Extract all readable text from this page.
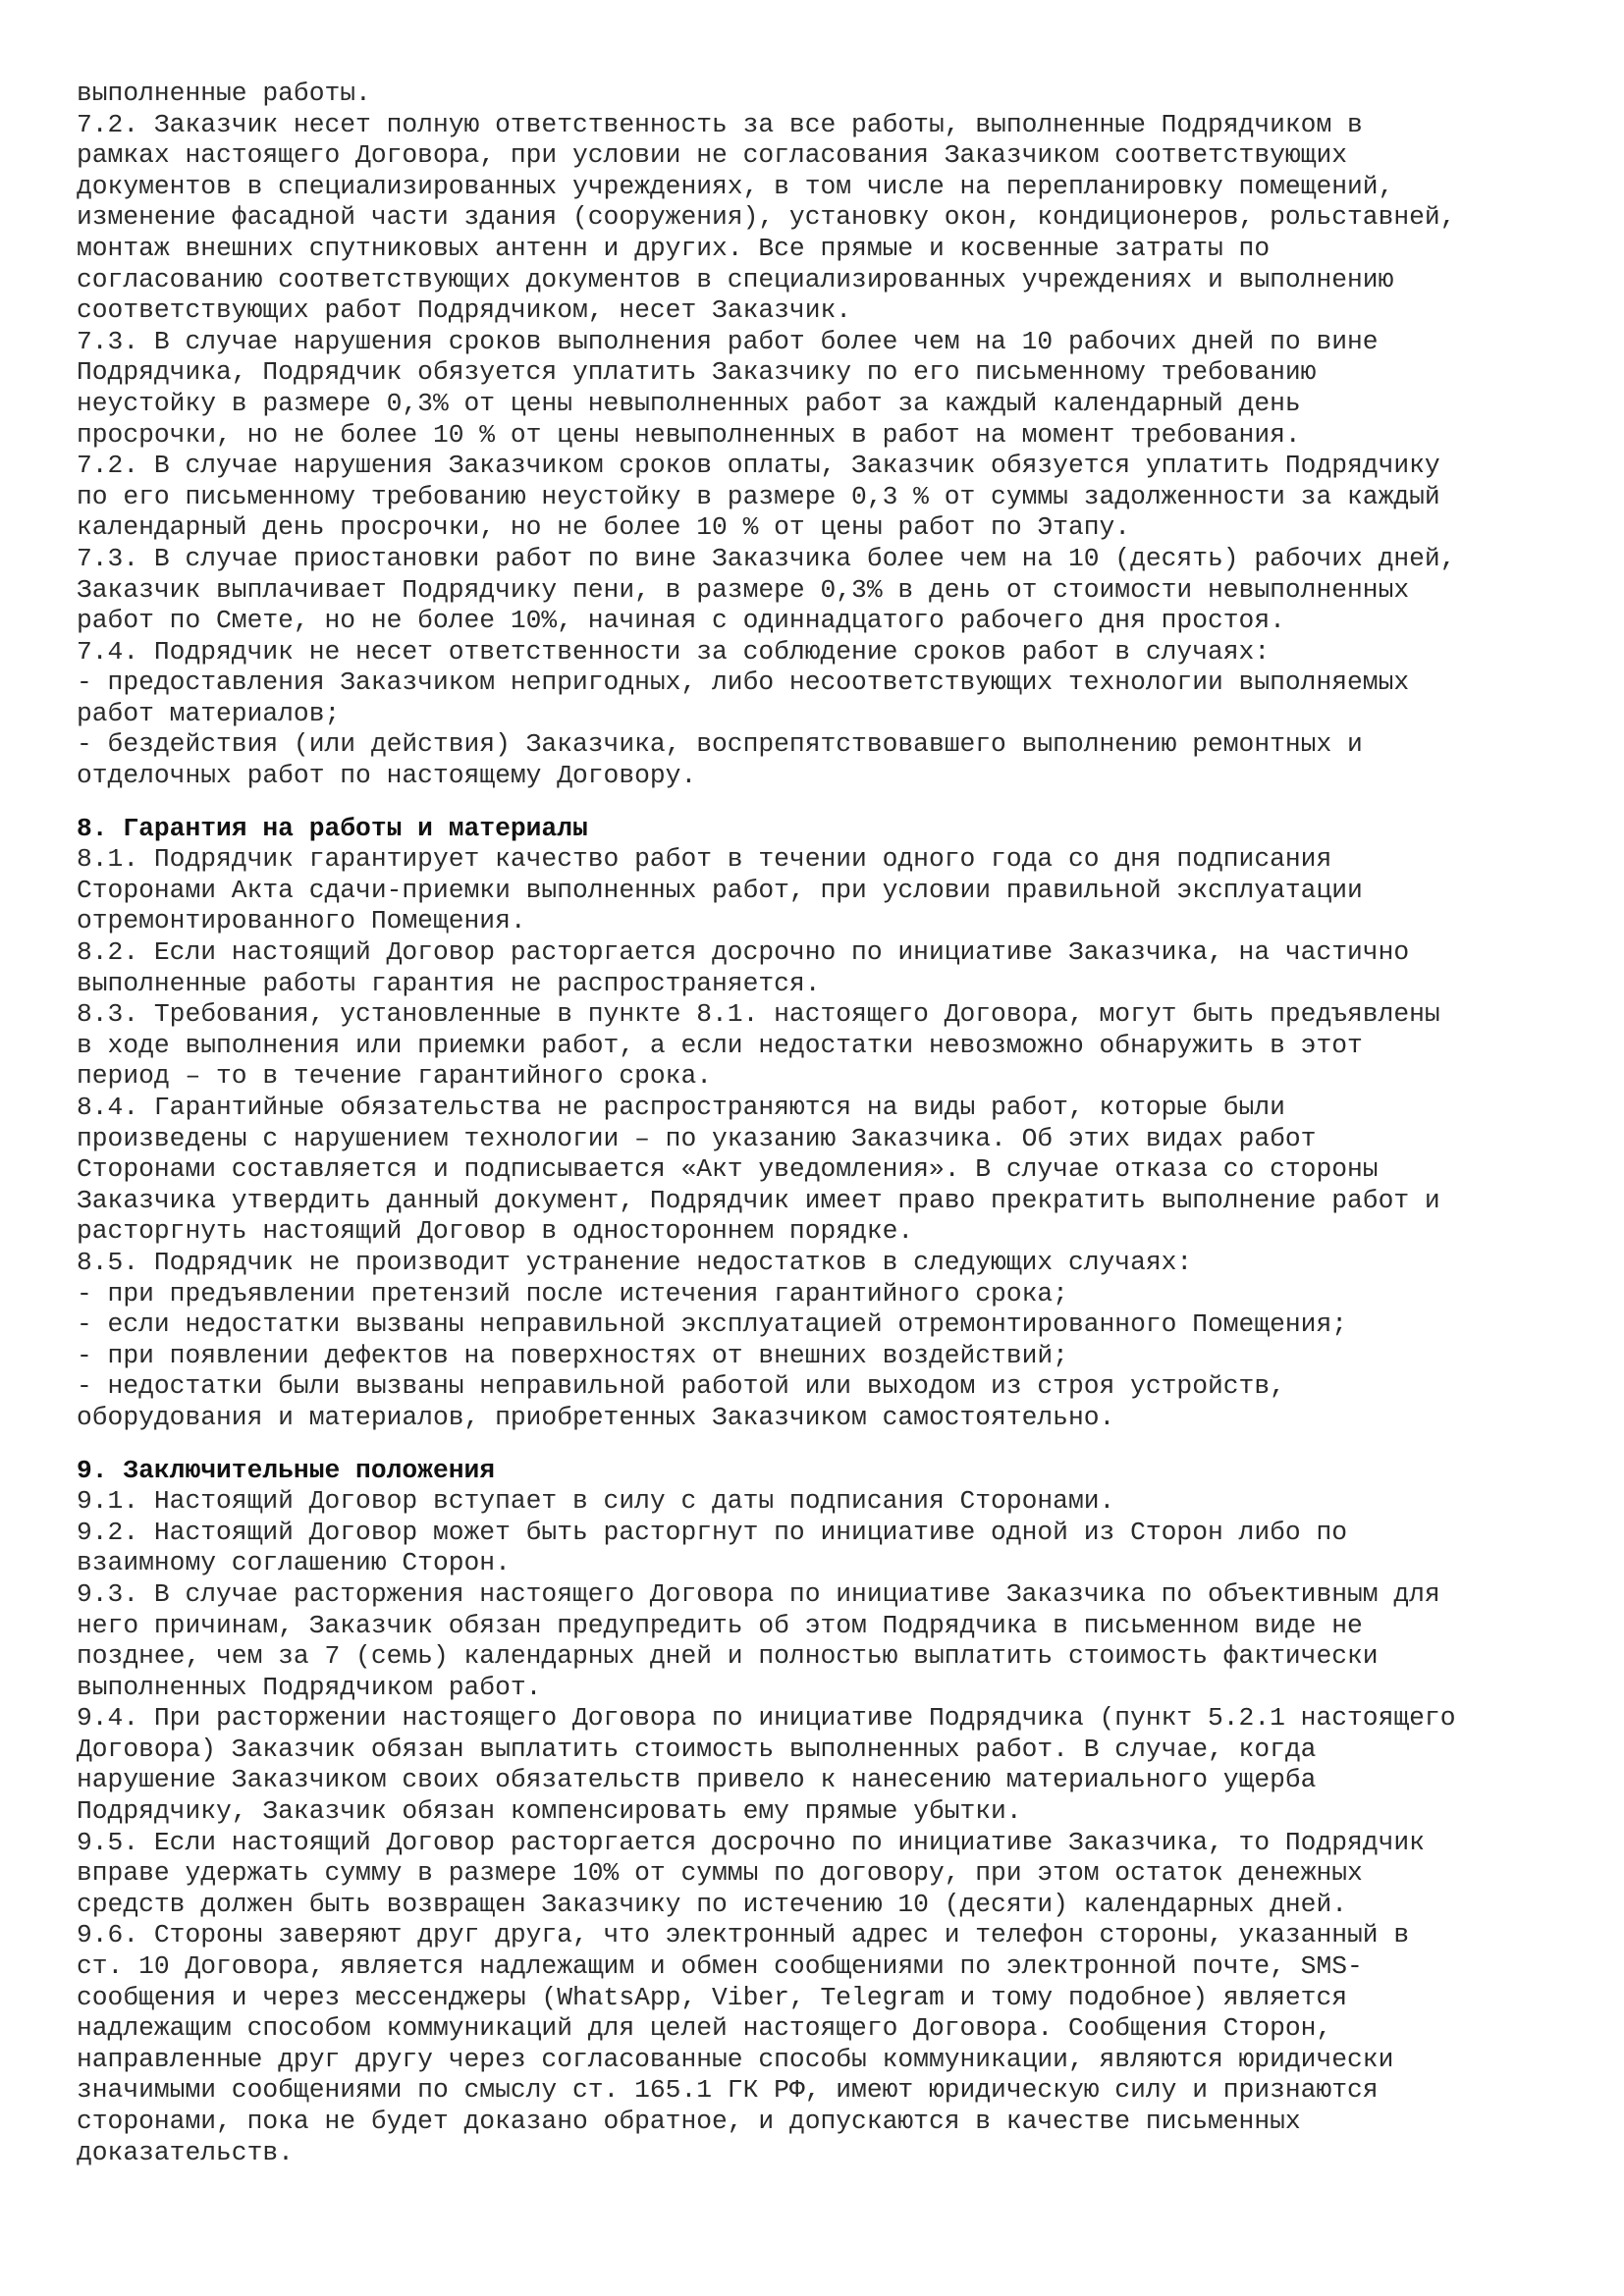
выполненные работы.
7.2. Заказчик несет полную ответственность за все работы, выполненные Подрядчиком в
рамках настоящего Договора, при условии не согласования Заказчиком соответствующих
документов в специализированных учреждениях, в том числе на перепланировку помещений,
изменение фасадной части здания (сооружения), установку окон, кондиционеров, рольставней,
монтаж внешних спутниковых антенн и других. Все прямые и косвенные затраты по
согласованию соответствующих документов в специализированных учреждениях и выполнению
соответствующих работ Подрядчиком, несет Заказчик.
7.3. В случае нарушения сроков выполнения работ более чем на 10 рабочих дней по вине
Подрядчика, Подрядчик обязуется уплатить Заказчику по его письменному требованию
неустойку в размере 0,3% от цены невыполненных работ за каждый календарный день
просрочки, но не более 10 % от цены невыполненных в работ на момент требования.
7.2. В случае нарушения Заказчиком сроков оплаты, Заказчик обязуется уплатить Подрядчику
по его письменному требованию неустойку в размере 0,3 % от суммы задолженности за каждый
календарный день просрочки, но не более 10 % от цены работ по Этапу.
7.3. В случае приостановки работ по вине Заказчика более чем на 10 (десять) рабочих дней,
Заказчик выплачивает Подрядчику пени, в размере 0,3% в день от стоимости невыполненных
работ по Смете, но не более 10%, начиная с одиннадцатого рабочего дня простоя.
7.4. Подрядчик не несет ответственности за соблюдение сроков работ в случаях:
- предоставления Заказчиком непригодных, либо несоответствующих технологии выполняемых
работ материалов;
- бездействия (или действия) Заказчика, воспрепятствовавшего выполнению ремонтных и
отделочных работ по настоящему Договору.
8. Гарантия на работы и материалы
8.1. Подрядчик гарантирует качество работ в течении одного года со дня подписания
Сторонами Акта сдачи-приемки выполненных работ, при условии правильной эксплуатации
отремонтированного Помещения.
8.2. Если настоящий Договор расторгается досрочно по инициативе Заказчика, на частично
выполненные работы гарантия не распространяется.
8.3. Требования, установленные в пункте 8.1. настоящего Договора, могут быть предъявлены
в ходе выполнения или приемки работ, а если недостатки невозможно обнаружить в этот
период – то в течение гарантийного срока.
8.4. Гарантийные обязательства не распространяются на виды работ, которые были
произведены с нарушением технологии – по указанию Заказчика. Об этих видах работ
Сторонами составляется и подписывается «Акт уведомления». В случае отказа со стороны
Заказчика утвердить данный документ, Подрядчик имеет право прекратить выполнение работ и
расторгнуть настоящий Договор в одностороннем порядке.
8.5. Подрядчик не производит устранение недостатков в следующих случаях:
- при предъявлении претензий после истечения гарантийного срока;
- если недостатки вызваны неправильной эксплуатацией отремонтированного Помещения;
- при появлении дефектов на поверхностях от внешних воздействий;
- недостатки были вызваны неправильной работой или выходом из строя устройств,
оборудования и материалов, приобретенных Заказчиком самостоятельно.
9. Заключительные положения
9.1. Настоящий Договор вступает в силу с даты подписания Сторонами.
9.2. Настоящий Договор может быть расторгнут по инициативе одной из Сторон либо по
взаимному соглашению Сторон.
9.3. В случае расторжения настоящего Договора по инициативе Заказчика по объективным для
него причинам, Заказчик обязан предупредить об этом Подрядчика в письменном виде не
позднее, чем за 7 (семь) календарных дней и полностью выплатить стоимость фактически
выполненных Подрядчиком работ.
9.4. При расторжении настоящего Договора по инициативе Подрядчика (пункт 5.2.1 настоящего
Договора) Заказчик обязан выплатить стоимость выполненных работ. В случае, когда
нарушение Заказчиком своих обязательств привело к нанесению материального ущерба
Подрядчику, Заказчик обязан компенсировать ему прямые убытки.
9.5. Если настоящий Договор расторгается досрочно по инициативе Заказчика, то Подрядчик
вправе удержать сумму в размере 10% от суммы по договору, при этом остаток денежных
средств должен быть возвращен Заказчику по истечению 10 (десяти) календарных дней.
9.6. Стороны заверяют друг друга, что электронный адрес и телефон стороны, указанный в
ст. 10 Договора, является надлежащим и обмен сообщениями по электронной почте, SMS-
сообщения и через мессенджеры (WhatsApp, Viber, Telegram и тому подобное) является
надлежащим способом коммуникаций для целей настоящего Договора. Сообщения Сторон,
направленные друг другу через согласованные способы коммуникации, являются юридически
значимыми сообщениями по смыслу ст. 165.1 ГК РФ, имеют юридическую силу и признаются
сторонами, пока не будет доказано обратное, и допускаются в качестве письменных
доказательств.
